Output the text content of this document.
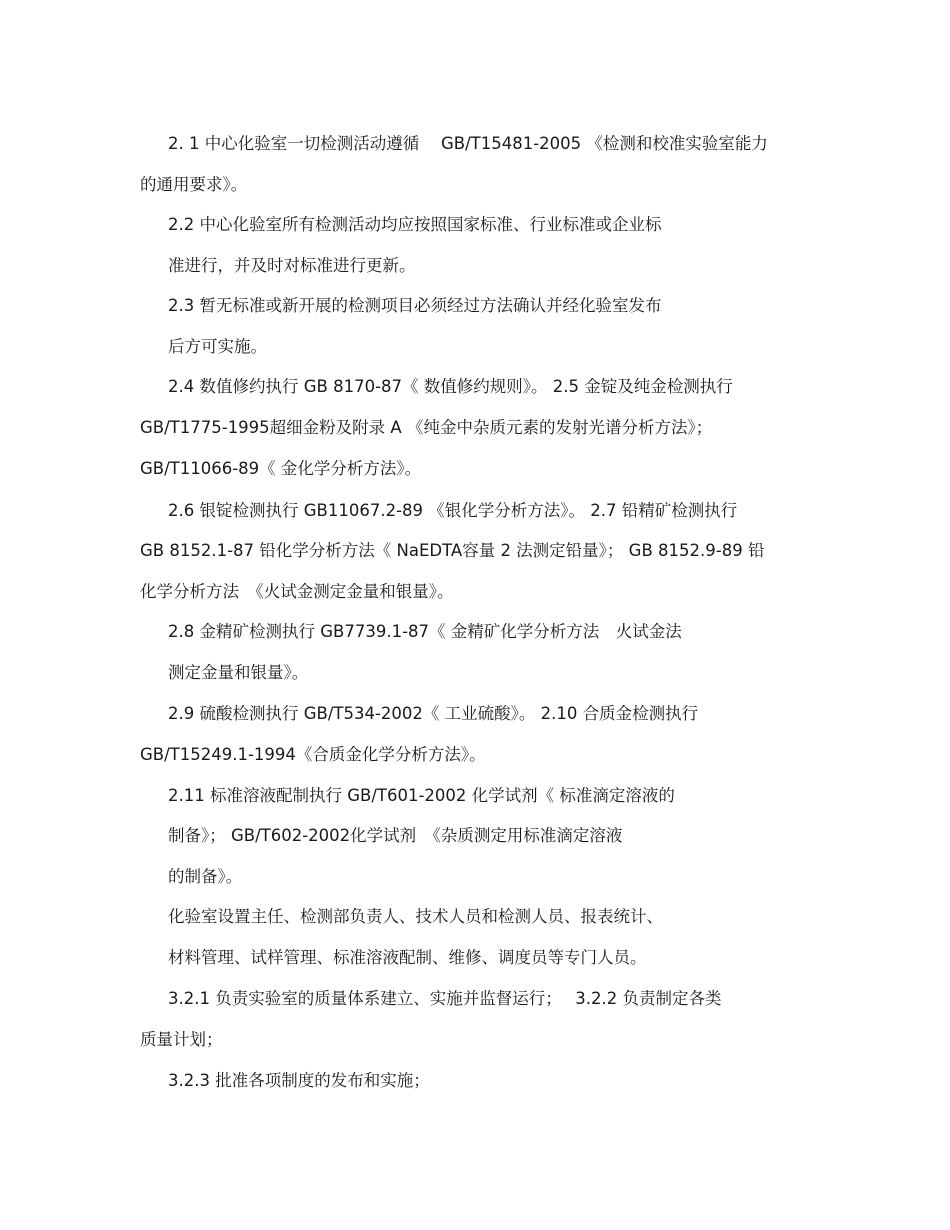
2. 1 中心化验室一切检测活动遵循　 GB/T15481-2005 《检测和校准实验室能力

的通用要求》。

2.2 中心化验室所有检测活动均应按照国家标准、行业标准或企业标

准进行，并及时对标准进行更新。

2.3 暂无标准或新开展的检测项目必须经过方法确认并经化验室发布

后方可实施。

2.4 数值修约执行 GB 8170-87《 数值修约规则》。 2.5 金锭及纯金检测执行

GB/T1775-1995超细金粉及附录 A 《纯金中杂质元素的发射光谱分析方法》；

GB/T11066-89《 金化学分析方法》。

2.6 银锭检测执行 GB11067.2-89 《银化学分析方法》。 2.7 铅精矿检测执行

GB 8152.1-87 铅化学分析方法《 NaEDTA容量 2 法测定铅量》； GB 8152.9-89 铅

化学分析方法　《火试金测定金量和银量》。

2.8 金精矿检测执行 GB7739.1-87《 金精矿化学分析方法　火试金法

测定金量和银量》。

2.9 硫酸检测执行 GB/T534-2002《 工业硫酸》。 2.10 合质金检测执行

GB/T15249.1-1994《合质金化学分析方法》。

2.11 标准溶液配制执行 GB/T601-2002 化学试剂《 标准滴定溶液的

制备》； GB/T602-2002化学试剂　《杂质测定用标准滴定溶液

的制备》。

化验室设置主任、检测部负责人、技术人员和检测人员、报表统计、

材料管理、试样管理、标准溶液配制、维修、调度员等专门人员。

3.2.1 负责实验室的质量体系建立、实施并监督运行；　 3.2.2 负责制定各类

质量计划；

3.2.3 批准各项制度的发布和实施；
